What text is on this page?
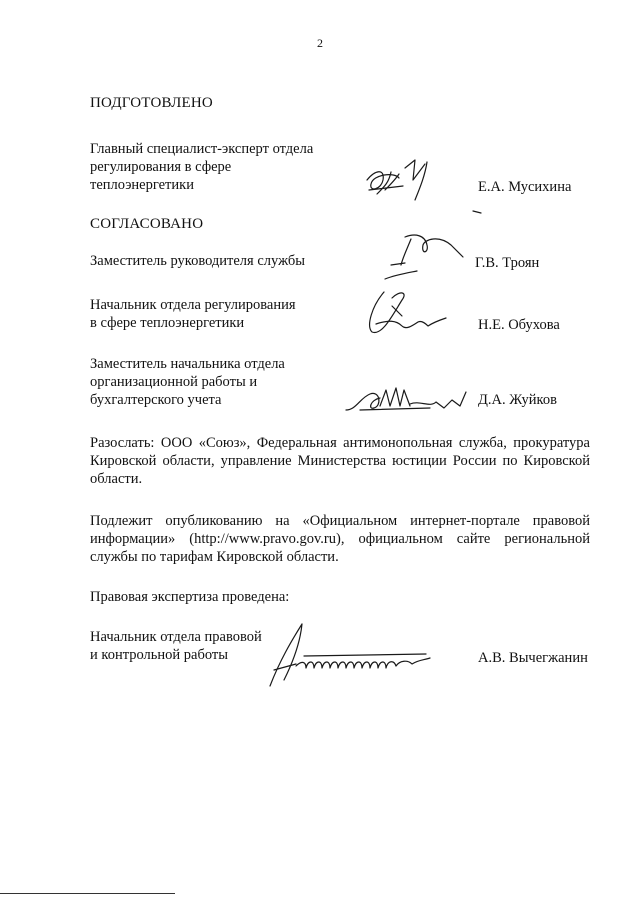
2
ПОДГОТОВЛЕНО
Главный специалист-эксперт отдела
регулирования в сфере
теплоэнергетики	Е.А. Мусихина
СОГЛАСОВАНО
Заместитель руководителя службы	Г.В. Троян
Начальник отдела регулирования
в сфере теплоэнергетики	Н.Е. Обухова
Заместитель начальника отдела
организационной работы и
бухгалтерского учета	Д.А. Жуйков
Разослать: ООО «Союз», Федеральная антимонопольная служба, прокуратура Кировской области, управление Министерства юстиции России по Кировской области.
Подлежит опубликованию на «Официальном интернет-портале правовой информации» (http://www.pravo.gov.ru), официальном сайте региональной службы по тарифам Кировской области.
Правовая экспертиза проведена:
Начальник отдела правовой
и контрольной работы	А.В. Вычегжанин
